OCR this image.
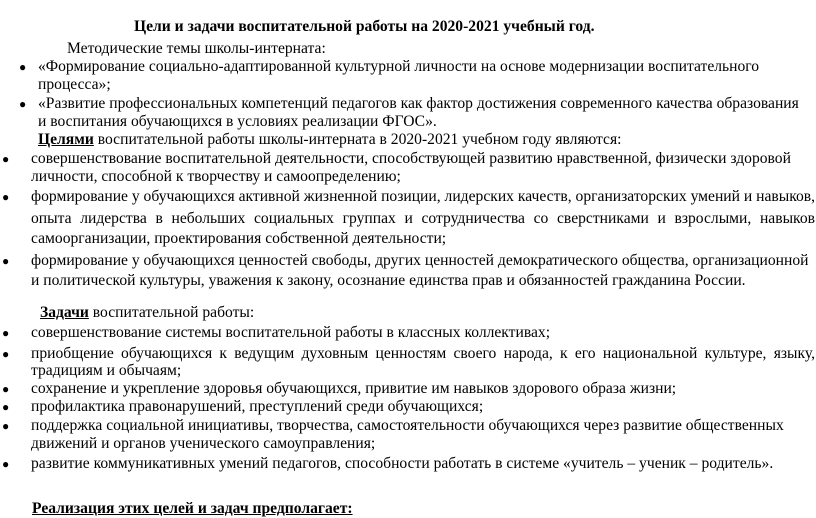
Цели и задачи воспитательной работы на 2020-2021 учебный год.
Методические темы школы-интерната:
● «Формирование социально-адаптированной культурной личности на основе модернизации воспитательного
процесса»;
● «Развитие профессиональных компетенций педагогов как фактор достижения современного качества образования
и воспитания обучающихся в условиях реализации ФГОС».
Целями воспитательной работы школы-интерната в 2020-2021 учебном году являются:
● совершенствование воспитательной деятельности, способствующей развитию нравственной, физически здоровой
личности, способной к творчеству и самоопределению;
● формирование у обучающихся активной жизненной позиции, лидерских качеств, организаторских умений и навыков,
опыта лидерства в небольших социальных группах и сотрудничества со сверстниками и взрослыми, навыков
самоорганизации, проектирования собственной деятельности;
● формирование у обучающихся ценностей свободы, других ценностей демократического общества, организационной
и политической культуры, уважения к закону, осознание единства прав и обязанностей гражданина России.
Задачи воспитательной работы:
● совершенствование системы воспитательной работы в классных коллективах;
● приобщение обучающихся к ведущим духовным ценностям своего народа, к его национальной культуре, языку,
традициям и обычаям;
● сохранение и укрепление здоровья обучающихся, привитие им навыков здорового образа жизни;
● профилактика правонарушений, преступлений среди обучающихся;
● поддержка социальной инициативы, творчества, самостоятельности обучающихся через развитие общественных
движений и органов ученического самоуправления;
● развитие коммуникативных умений педагогов, способности работать в системе «учитель – ученик – родитель».
Реализация этих целей и задач предполагает:
